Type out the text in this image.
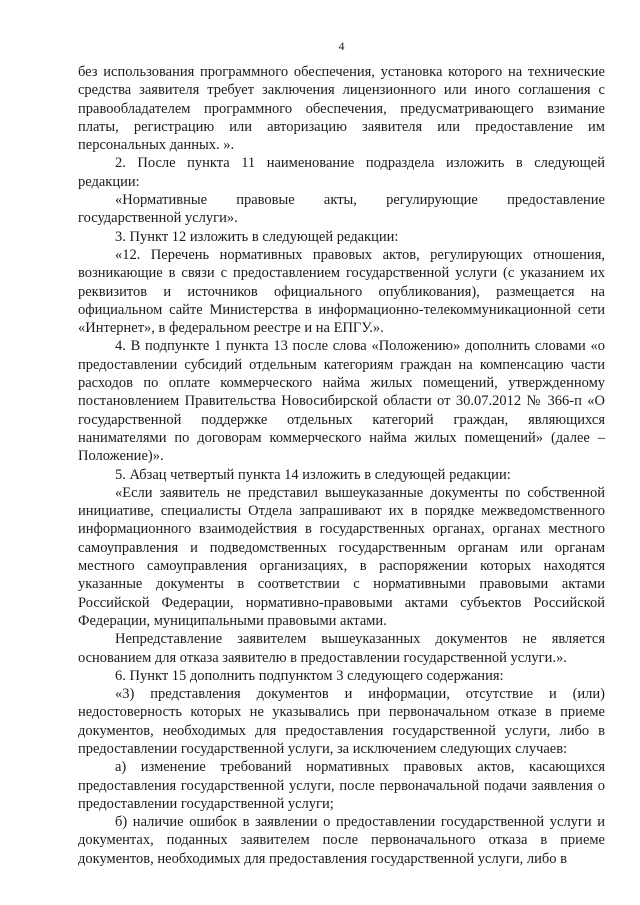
4

без использования программного обеспечения, установка которого на технические средства заявителя требует заключения лицензионного или иного соглашения с правообладателем программного обеспечения, предусматривающего взимание платы, регистрацию или авторизацию заявителя или предоставление им персональных данных. ».

2. После пункта 11 наименование подраздела изложить в следующей редакции:

«Нормативные правовые акты, регулирующие предоставление государственной услуги».

3. Пункт 12 изложить в следующей редакции:

«12. Перечень нормативных правовых актов, регулирующих отношения, возникающие в связи с предоставлением государственной услуги (с указанием их реквизитов и источников официального опубликования), размещается на официальном сайте Министерства в информационно-телекоммуникационной сети «Интернет», в федеральном реестре и на ЕПГУ.».

4. В подпункте 1 пункта 13 после слова «Положению» дополнить словами «о предоставлении субсидий отдельным категориям граждан на компенсацию части расходов по оплате коммерческого найма жилых помещений, утвержденному постановлением Правительства Новосибирской области от 30.07.2012 № 366-п «О государственной поддержке отдельных категорий граждан, являющихся нанимателями по договорам коммерческого найма жилых помещений» (далее – Положение)».

5. Абзац четвертый пункта 14 изложить в следующей редакции:

«Если заявитель не представил вышеуказанные документы по собственной инициативе, специалисты Отдела запрашивают их в порядке межведомственного информационного взаимодействия в государственных органах, органах местного самоуправления и подведомственных государственным органам или органам местного самоуправления организациях, в распоряжении которых находятся указанные документы в соответствии с нормативными правовыми актами Российской Федерации, нормативно-правовыми актами субъектов Российской Федерации, муниципальными правовыми актами.

Непредставление заявителем вышеуказанных документов не является основанием для отказа заявителю в предоставлении государственной услуги.».

6. Пункт 15 дополнить подпунктом 3 следующего содержания:

«3) представления документов и информации, отсутствие и (или) недостоверность которых не указывались при первоначальном отказе в приеме документов, необходимых для предоставления государственной услуги, либо в предоставлении государственной услуги, за исключением следующих случаев:

а) изменение требований нормативных правовых актов, касающихся предоставления государственной услуги, после первоначальной подачи заявления о предоставлении государственной услуги;

б) наличие ошибок в заявлении о предоставлении государственной услуги и документах, поданных заявителем после первоначального отказа в приеме документов, необходимых для предоставления государственной услуги, либо в
